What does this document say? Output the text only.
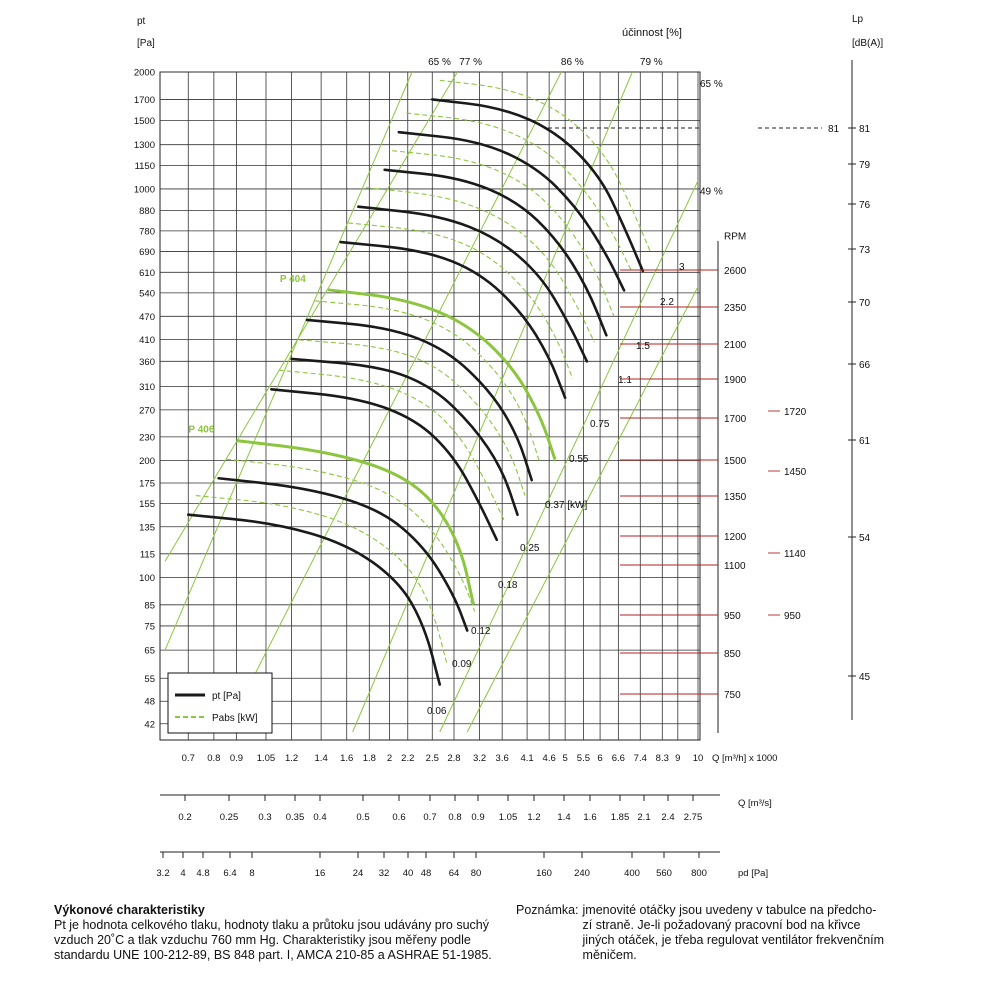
2000
1700
1500
1300
1150
1000
880
780
690
610
540
470
410
360
310
270
230
200
175
155
135
115
100
85
75
65
55
48
42
0.7 0.8 0.9 1.05 1.2 1.4 1.6 1.8 2 2.2 2.5 2.8 3.2 3.6 4.1 4.6 5 5.5 6 6.6 7.4 8.3 9 10 Q [m³/h] x 1000
65 % 77 %	86 %	79 %
65 %
49 %
P 404
P 406
RPM
2600
2350
2100
1900
1700
1500
1350
1200
1100
950
850
750
1720
1450
1140
950
3
2.2
1.5
1.1
0.75
0.55
0.37 [kW]
0.25
0.18
0.12
0.09
0.06
81
79
76
73
70
66
61
54
45
81
0.2	0.25 0.3 0.35 0.4	0.5 0.6 0.7 0.8 0.9 1.05 1.2 1.4 1.6 1.85 2.1 2.4 2.75
Q [m³/s]
3.2 4 4.8 6.4 8	16	24 32 40 48 64 80	160 240	400 560 800	pd [Pa]
pt
[Pa]
účinnost [%]
Lp
[dB(A)]
pt [Pa]
Pabs [kW]
Výkonové charakteristiky
Pt je hodnota celkového tlaku, hodnoty tlaku a průtoku jsou udávány pro suchý vzduch 20˚C a tlak vzduchu 760 mm Hg. Charakteristiky jsou měřeny podle standardu UNE 100-212-89, BS 848 part. I, AMCA 210-85 a ASHRAE 51-1985.
Poznámka: jmenovité otáčky jsou uvedeny v tabulce na předcho-
zí straně. Je-li požadovaný pracovní bod na křivce
jiných otáček, je třeba regulovat ventilátor frekvenčním
měničem.
